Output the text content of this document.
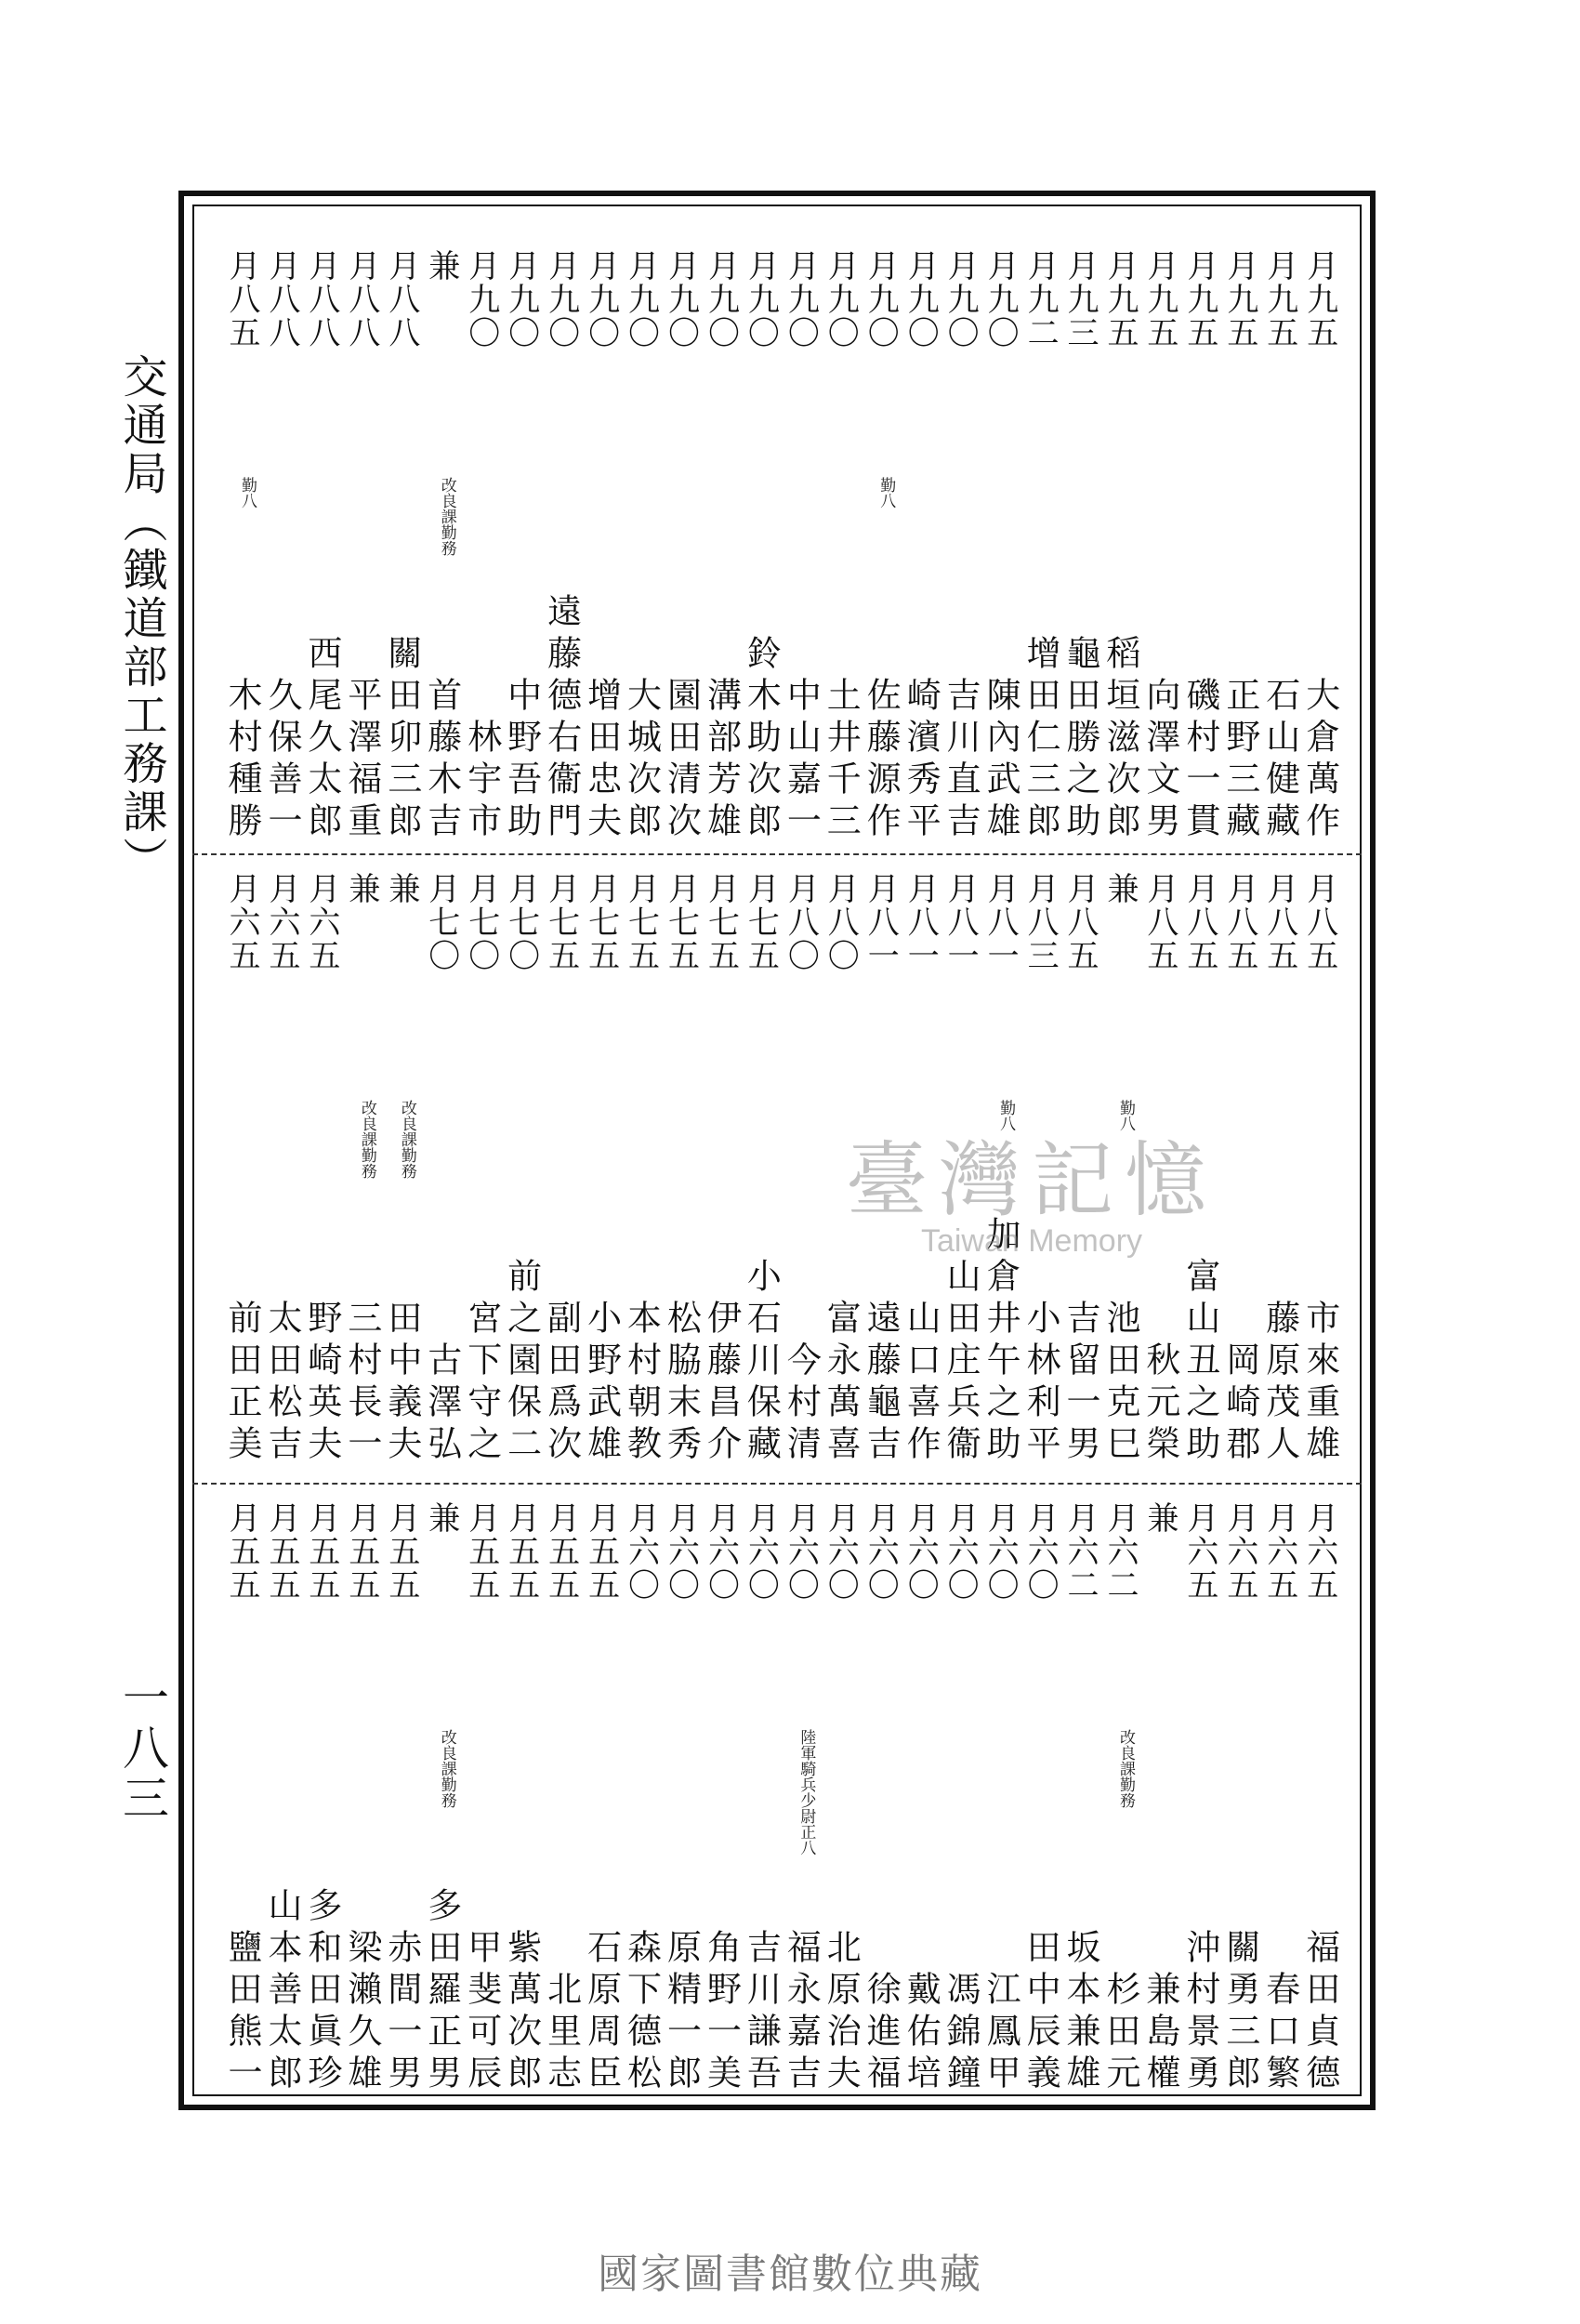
交通局（鐵道部工務課）
一八三
月九五
大倉萬作
月九五
石山健藏
月九五
正野三藏
月九五
磯村一貫
月九五
向澤文男
月九五
稻垣滋次郎
月九三
龜田勝之助
月九二
增田仁三郎
月九〇
陳內武雄
月九〇
吉川直吉
月九〇
崎濱秀平
月九〇
勤八
佐藤源作
月九〇
土井千三
月九〇
中山嘉一
月九〇
鈴木助次郎
月九〇
溝部芳雄
月九〇
園田清次
月九〇
大城次郎
月九〇
增田忠夫
月九〇
遠藤德右衞門
月九〇
中野吾助
月九〇
林宇市
兼
改良課勤務
首藤木吉
月八八
關田卯三郎
月八八
平澤福重
月八八
西尾久太郎
月八八
久保善一
月八五
勤八
木村種勝
月八五
市來重雄
月八五
藤原茂人
月八五
岡崎郡
月八五
富山丑之助
月八五
秋元榮
兼
勤八
池田克巳
月八五
吉留一男
月八三
小林利平
月八一
勤八
加倉井午之助
月八一
山田庄兵衞
月八一
山口喜作
月八一
遠藤龜吉
月八〇
富永萬喜
月八〇
今村清
月七五
小石川保藏
月七五
伊藤昌介
月七五
松脇末秀
月七五
本村朝教
月七五
小野武雄
月七五
副田爲次
月七〇
前之園保二
月七〇
宮下守之
月七〇
古澤弘
兼
改良課勤務
田中義夫
兼
改良課勤務
三村長一
月六五
野崎英夫
月六五
太田松吉
月六五
前田正美
月六五
福田貞德
月六五
春口繁
月六五
關勇三郎
月六五
沖村景勇
兼
兼島權
月六二
改良課勤務
杉田元
月六二
坂本兼雄
月六〇
田中辰義
月六〇
江鳳甲
月六〇
馮錦鐘
月六〇
戴佑培
月六〇
徐進福
月六〇
北原治夫
月六〇
陸軍騎兵少尉正八
福永嘉吉
月六〇
吉川謙吾
月六〇
角野一美
月六〇
原精一郎
月六〇
森下德松
月五五
石原周臣
月五五
北里志
月五五
紫萬次郎
月五五
甲斐可辰
兼
改良課勤務
多田羅正男
月五五
赤間一男
月五五
梁瀨久雄
月五五
多和田眞珍
月五五
山本善太郎
月五五
鹽田熊一
臺灣記憶
Taiwan Memory
國家圖書館數位典藏
